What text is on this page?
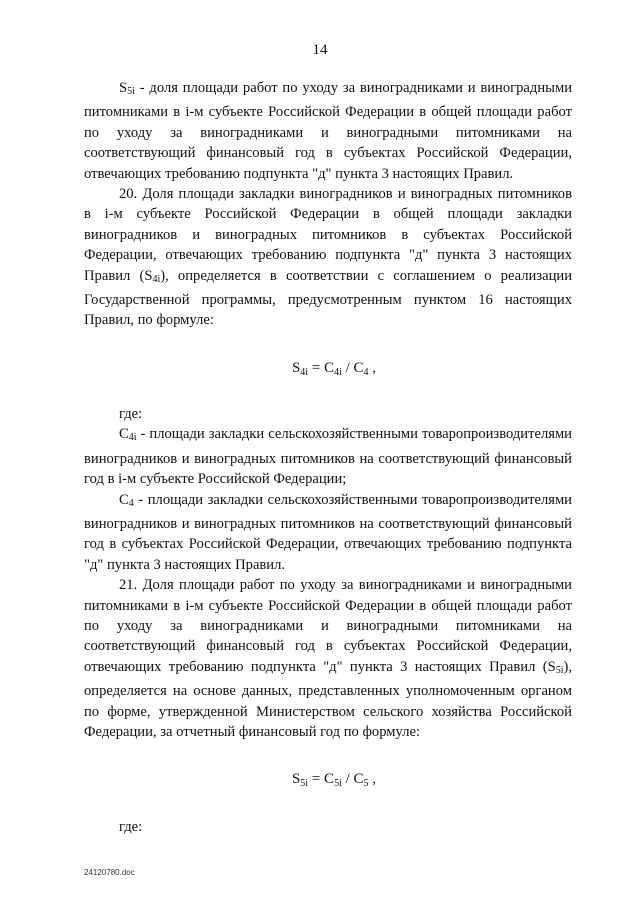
14

$S_{5i}$ - доля площади работ по уходу за виноградниками и виноградными питомниками в i-м субъекте Российской Федерации в общей площади работ по уходу за виноградниками и виноградными питомниками на соответствующий финансовый год в субъектах Российской Федерации, отвечающих требованию подпункта "д" пункта 3 настоящих Правил.

20. Доля площади закладки виноградников и виноградных питомников в i-м субъекте Российской Федерации в общей площади закладки виноградников и виноградных питомников в субъектах Российской Федерации, отвечающих требованию подпункта "д" пункта 3 настоящих Правил $(S_{4i})$, определяется в соответствии с соглашением о реализации Государственной программы, предусмотренным пунктом 16 настоящих Правил, по формуле:

$S_{4i} = C_{4i} / C_4$ ,

где:

$C_{4i}$ - площади закладки сельскохозяйственными товаропроизводителями виноградников и виноградных питомников на соответствующий финансовый год в i-м субъекте Российской Федерации;

$C_4$ - площади закладки сельскохозяйственными товаропроизводителями виноградников и виноградных питомников на соответствующий финансовый год в субъектах Российской Федерации, отвечающих требованию подпункта "д" пункта 3 настоящих Правил.

21. Доля площади работ по уходу за виноградниками и виноградными питомниками в i-м субъекте Российской Федерации в общей площади работ по уходу за виноградниками и виноградными питомниками на соответствующий финансовый год в субъектах Российской Федерации, отвечающих требованию подпункта "д" пункта 3 настоящих Правил $(S_{5i})$, определяется на основе данных, представленных уполномоченным органом по форме, утвержденной Министерством сельского хозяйства Российской Федерации, за отчетный финансовый год по формуле:

$S_{5i} = C_{5i} / C_5$ ,

где:

24120780.doc
